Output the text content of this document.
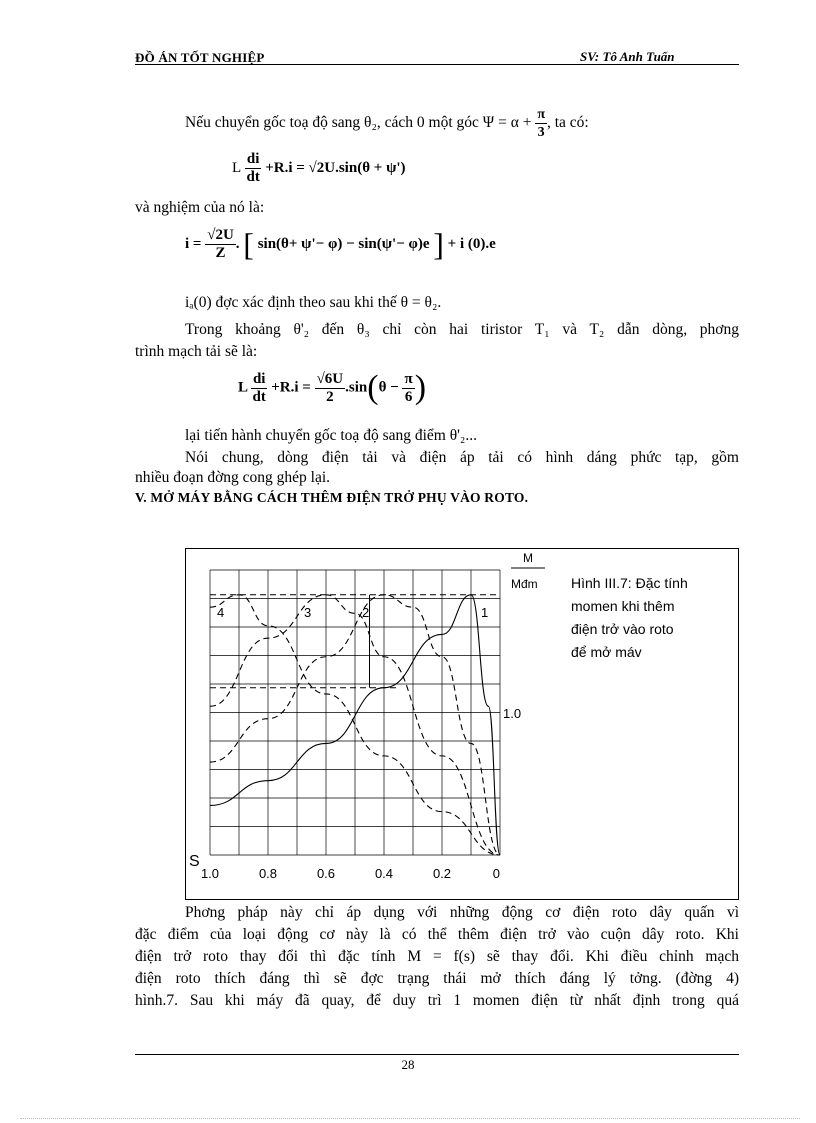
ĐỒ ÁN TỐT NGHIỆP	SV: Tô Anh Tuấn
Nếu chuyển gốc toạ độ sang θ₂, cách 0 một góc $\Psi = \alpha + \frac{\pi}{3}$ , ta có:
L $\frac{di}{dt} +R.i = √2U.\sin(\theta + \psi')$
và nghiệm của nó là:
$i = \frac{√2U}{Z}$ . [ sin(θ+ ψ'− φ) − sin(ψ'− φ)e ] + i (0).e
iₐ(0) đợc xác định theo sau khi thế θ = θ₂.
Trong khoảng θ'₂ đến θ₃ chỉ còn hai tiristor T₁ và T₂ dẫn dòng, phơng
trình mạch tải sẽ là:
L $\frac{di}{dt} +R.i = \frac{√6U}{2} .\sin(\theta - \frac{\pi}{6}$ )
lại tiến hành chuyển gốc toạ độ sang điểm θ'₂...
Nói chung, dòng điện tải và điện áp tải có hình dáng phức tạp, gồm
nhiều đoạn đờng cong ghép lại.
V. MỞ MÁY BẰNG CÁCH THÊM ĐIỆN TRỞ PHỤ VÀO ROTO.
1
2
3
4
1.0	0.8	0.6	0.4	0.2	0
S
M
Mđm
1.0
Hình III.7: Đặc tính
momen khi thêm
điện trở vào roto
để mở máv
Phơng pháp này chỉ áp dụng với những động cơ điện roto dây quấn vì
đặc điểm của loại động cơ này là có thể thêm điện trở vào cuộn dây roto. Khi
điện trở roto thay đổi thì đặc tính M = f(s) sẽ thay đổi. Khi điều chỉnh mạch
điện roto thích đáng thì sẽ đợc trạng thái mở thích đáng lý tởng. (đờng 4)
hình.7. Sau khi máy đã quay, để duy trì 1 momen điện từ nhất định trong quá
28
